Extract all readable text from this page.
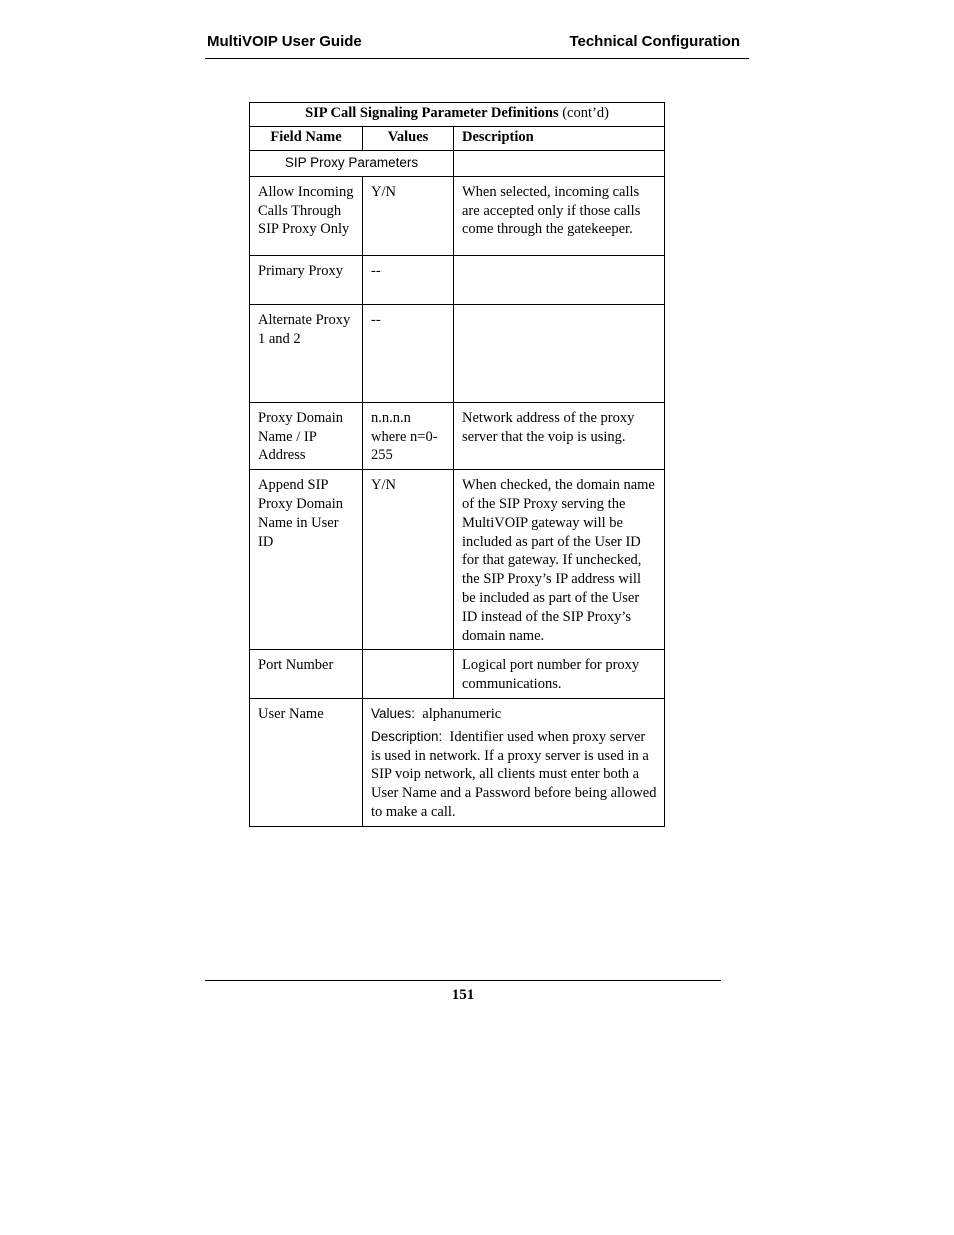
MultiVOIP User Guide	Technical Configuration
SIP Call Signaling Parameter Definitions (cont’d)		
Field Name	Values	Description
SIP Proxy Parameters		
Allow Incoming Calls Through SIP Proxy Only	Y/N	When selected, incoming calls are accepted only if those calls come through the gatekeeper.
Primary Proxy	--	
Alternate Proxy 1 and 2	--	
Proxy Domain Name / IP Address	n.n.n.n where n=0-255	Network address of the proxy server that the voip is using.
Append SIP Proxy Domain Name in User ID	Y/N	When checked, the domain name of the SIP Proxy serving the MultiVOIP gateway will be included as part of the User ID for that gateway. If unchecked, the SIP Proxy’s IP address will be included as part of the User ID instead of the SIP Proxy’s domain name.
Port Number		Logical port number for proxy communications.
User Name	Values: alphanumeric

Description: Identifier used when proxy server is used in network. If a proxy server is used in a SIP voip network, all clients must enter both a User Name and a Password before being allowed to make a call.	

151
